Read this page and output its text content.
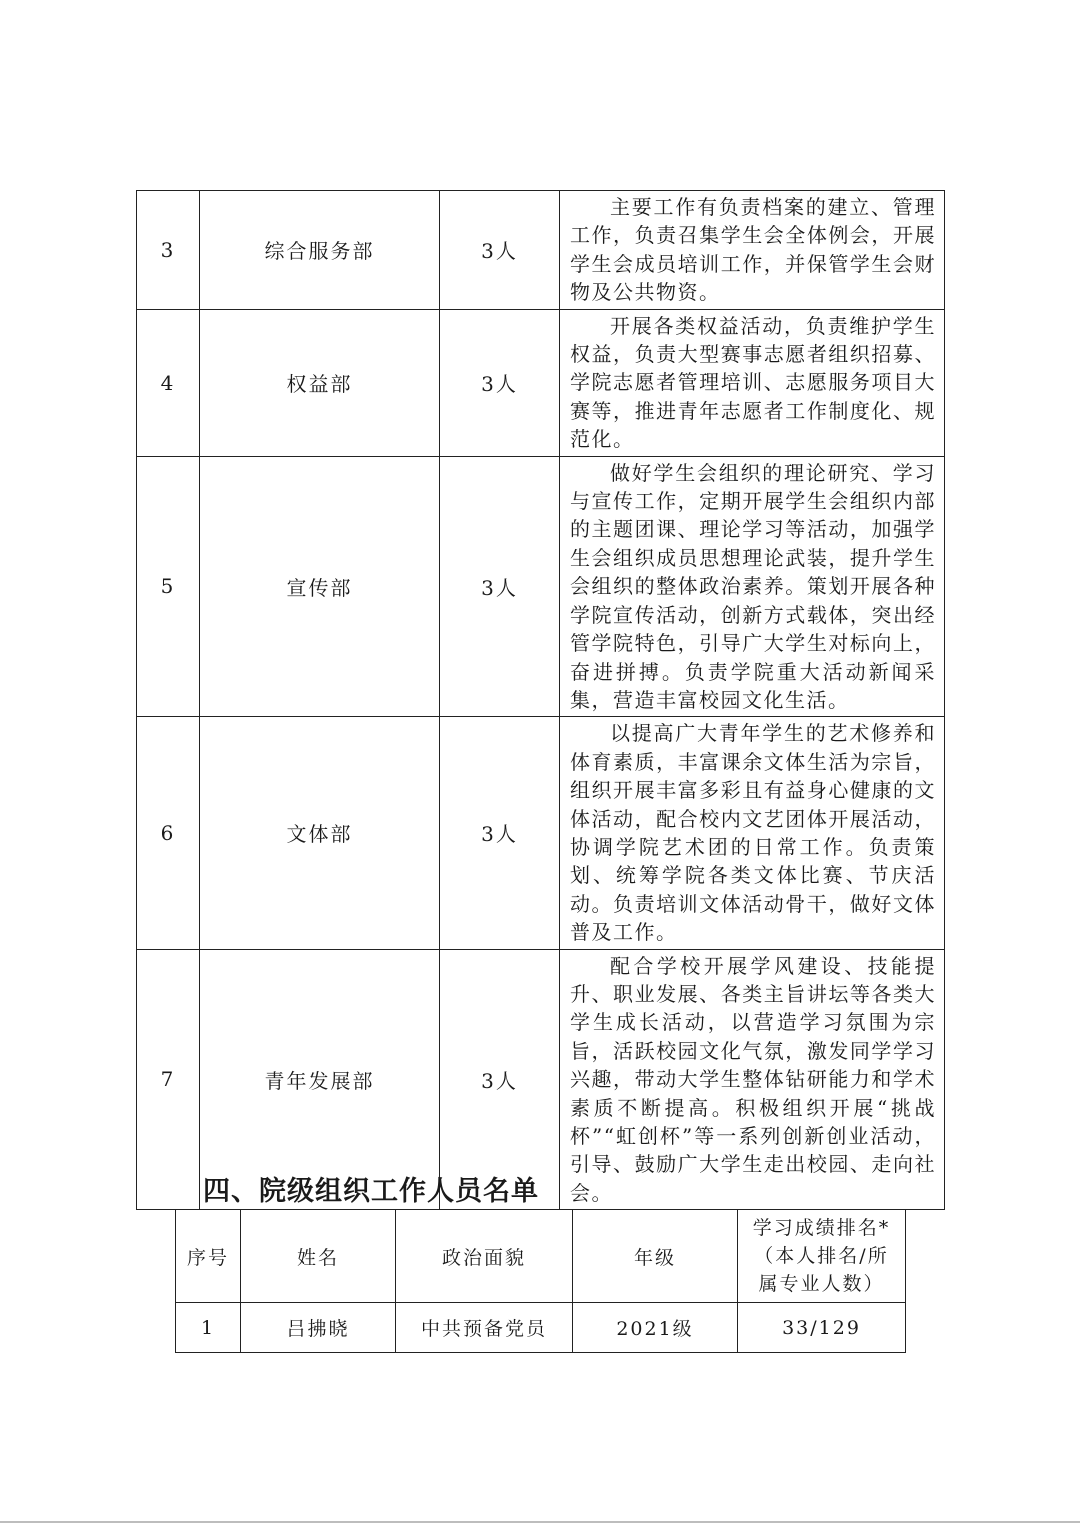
3	综合服务部	3人	主要工作有负责档案的建立、管理工作，负责召集学生会全体例会，开展学生会成员培训工作，并保管学生会财物及公共物资。

4	权益部	3人	开展各类权益活动，负责维护学生权益，负责大型赛事志愿者组织招募、学院志愿者管理培训、志愿服务项目大赛等，推进青年志愿者工作制度化、规范化。

5	宣传部	3人	做好学生会组织的理论研究、学习与宣传工作，定期开展学生会组织内部的主题团课、理论学习等活动，加强学生会组织成员思想理论武装，提升学生会组织的整体政治素养。策划开展各种学院宣传活动，创新方式载体，突出经管学院特色，引导广大学生对标向上，奋进拼搏。负责学院重大活动新闻采集，营造丰富校园文化生活。

6	文体部	3人	以提高广大青年学生的艺术修养和体育素质，丰富课余文体生活为宗旨，组织开展丰富多彩且有益身心健康的文体活动，配合校内文艺团体开展活动，协调学院艺术团的日常工作。负责策划、统筹学院各类文体比赛、节庆活动。负责培训文体活动骨干，做好文体普及工作。

7	青年发展部	3人	配合学校开展学风建设、技能提升、职业发展、各类主旨讲坛等各类大学生成长活动，以营造学习氛围为宗旨，活跃校园文化气氛，激发同学学习兴趣，带动大学生整体钻研能力和学术素质不断提高。积极组织开展“挑战杯”“虹创杯”等一系列创新创业活动，引导、鼓励广大学生走出校园、走向社会。
四、院级组织工作人员名单
序号	姓名	政治面貌	年级	学习成绩排名*
（本人排名/所
属专业人数）

1	吕拂晓	中共预备党员	2021级	33/129
